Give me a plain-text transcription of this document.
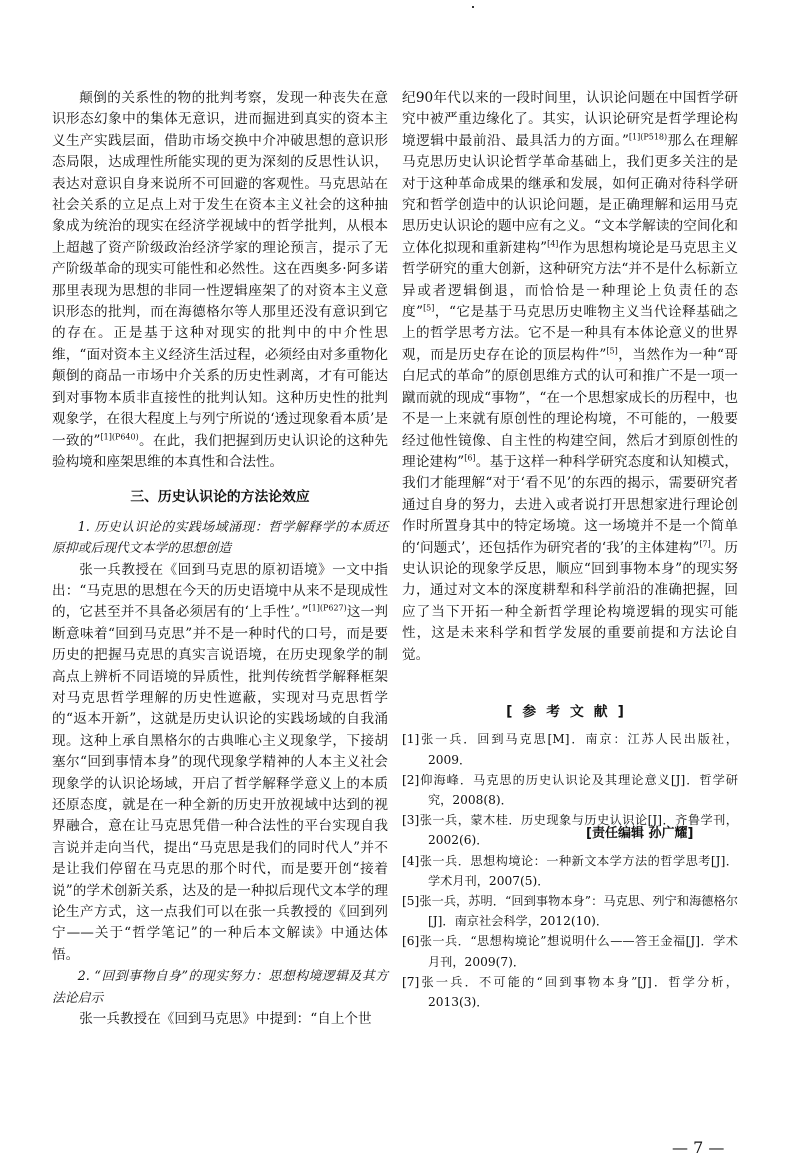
颠倒的关系性的物的批判考察，发现一种丧失在意识形态幻象中的集体无意识，进而掘进到真实的资本主义生产实践层面，借助市场交换中介冲破思想的意识形态局限，达成理性所能实现的更为深刻的反思性认识，表达对意识自身来说所不可回避的客观性。马克思站在社会关系的立足点上对于发生在资本主义社会的这种抽象成为统治的现实在经济学视域中的哲学批判，从根本上超越了资产阶级政治经济学家的理论预言，提示了无产阶级革命的现实可能性和必然性。这在西奥多·阿多诺那里表现为思想的非同一性逻辑座架了的对资本主义意识形态的批判，而在海德格尔等人那里还没有意识到它的存在。正是基于这种对现实的批判中的中介性思维，“面对资本主义经济生活过程，必须经由对多重物化颠倒的商品一市场中介关系的历史性剥离，才有可能达到对事物本质非直接性的批判认知。这种历史性的批判观象学，在很大程度上与列宁所说的‘透过现象看本质’是一致的”$^{[1](P640)}$。在此，我们把握到历史认识论的这种先验构境和座架思维的本真性和合法性。

三、历史认识论的方法论效应

1. 历史认识论的实践场域涌现：哲学解释学的本质还原抑或后现代文本学的思想创造

张一兵教授在《回到马克思的原初语境》一文中指出：“马克思的思想在今天的历史语境中从来不是现成性的，它甚至并不具备必须居有的‘上手性’。”$^{[1](P627)}$这一判断意味着“回到马克思”并不是一种时代的口号，而是要历史的把握马克思的真实言说语境，在历史现象学的制高点上辨析不同语境的异质性，批判传统哲学解释框架对马克思哲学理解的历史性遮蔽，实现对马克思哲学的“返本开新”，这就是历史认识论的实践场域的自我涌现。这种上承自黑格尔的古典唯心主义现象学，下接胡塞尔“回到事情本身”的现代现象学精神的人本主义社会现象学的认识论场域，开启了哲学解释学意义上的本质还原态度，就是在一种全新的历史开放视域中达到的视界融合，意在让马克思凭借一种合法性的平台实现自我言说并走向当代，提出“马克思是我们的同时代人”并不是让我们停留在马克思的那个时代，而是要开创“接着说”的学术创新关系，达及的是一种拟后现代文本学的理论生产方式，这一点我们可以在张一兵教授的《回到列宁——关于“哲学笔记”的一种后本文解读》中通达体悟。

2. “回到事物自身”的现实努力：思想构境逻辑及其方法论启示

张一兵教授在《回到马克思》中提到：“自上个世

纪90年代以来的一段时间里，认识论问题在中国哲学研究中被严重边缘化了。其实，认识论研究是哲学理论构境逻辑中最前沿、最具活力的方面。”$^{[1](P518)}$那么在理解马克思历史认识论哲学革命基础上，我们更多关注的是对于这种革命成果的继承和发展，如何正确对待科学研究和哲学创造中的认识论问题，是正确理解和运用马克思历史认识论的题中应有之义。“文本学解读的空间化和立体化拟现和重新建构”[4]作为思想构境论是马克思主义哲学研究的重大创新，这种研究方法“并不是什么标新立异或者逻辑倒退，而恰恰是一种理论上负责任的态度”[5]，“它是基于马克思历史唯物主义当代诠释基础之上的哲学思考方法。它不是一种具有本体论意义的世界观，而是历史存在论的顶层构件”[5]，当然作为一种“哥白尼式的革命”的原创思维方式的认可和推广不是一项一蹴而就的现成“事物”，“在一个思想家成长的历程中，也不是一上来就有原创性的理论构境，不可能的，一般要经过他性镜像、自主性的构建空间，然后才到原创性的理论建构”[6]。基于这样一种科学研究态度和认知模式，我们才能理解“对于‘看不见’的东西的揭示，需要研究者通过自身的努力，去进入或者说打开思想家进行理论创作时所置身其中的特定场境。这一场境并不是一个简单的‘问题式’，还包括作为研究者的‘我’的主体建构”[7]。历史认识论的现象学反思，顺应“回到事物本身”的现实努力，通过对文本的深度耕犁和科学前沿的准确把握，回应了当下开拓一种全新哲学理论构境逻辑的现实可能性，这是未来科学和哲学发展的重要前提和方法论自觉。

[参考文献]

[1]张一兵．回到马克思[M]．南京：江苏人民出版社，2009．

[2]仰海峰．马克思的历史认识论及其理论意义[J]．哲学研究，2008(8)．

[3]张一兵，蒙木桂．历史现象与历史认识论[J]．齐鲁学刊，2002(6)．

[4]张一兵．思想构境论：一种新文本学方法的哲学思考[J]．学术月刊，2007(5)．

[5]张一兵，苏明．“回到事物本身”：马克思、列宁和海德格尔[J]．南京社会科学，2012(10)．

[6]张一兵．“思想构境论”想说明什么——答王金福[J]．学术月刊，2009(7)．

[7]张一兵．不可能的“回到事物本身”[J]．哲学分析，2013(3)．

[责任编辑 孙广耀]
— 7 —
